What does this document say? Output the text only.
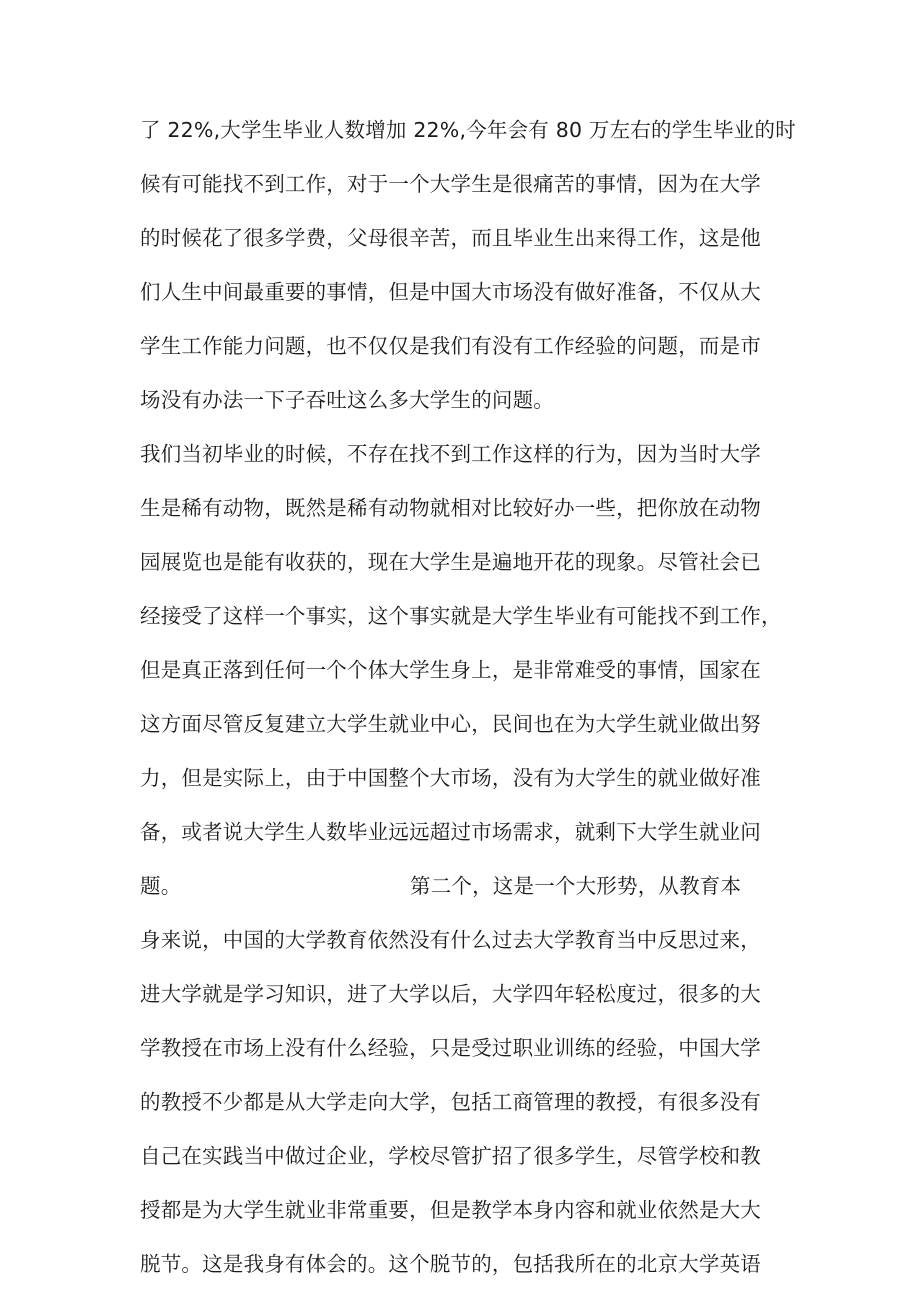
了 22%,大学生毕业人数增加 22%,今年会有 80 万左右的学生毕业的时
候有可能找不到工作，对于一个大学生是很痛苦的事情，因为在大学
的时候花了很多学费，父母很辛苦，而且毕业生出来得工作，这是他
们人生中间最重要的事情，但是中国大市场没有做好准备，不仅从大
学生工作能力问题，也不仅仅是我们有没有工作经验的问题，而是市
场没有办法一下子吞吐这么多大学生的问题。
我们当初毕业的时候，不存在找不到工作这样的行为，因为当时大学
生是稀有动物，既然是稀有动物就相对比较好办一些，把你放在动物
园展览也是能有收获的，现在大学生是遍地开花的现象。尽管社会已
经接受了这样一个事实，这个事实就是大学生毕业有可能找不到工作，
但是真正落到任何一个个体大学生身上，是非常难受的事情，国家在
这方面尽管反复建立大学生就业中心，民间也在为大学生就业做出努
力，但是实际上，由于中国整个大市场，没有为大学生的就业做好准
备，或者说大学生人数毕业远远超过市场需求，就剩下大学生就业问
题。	第二个，这是一个大形势，从教育本
身来说，中国的大学教育依然没有什么过去大学教育当中反思过来，
进大学就是学习知识，进了大学以后，大学四年轻松度过，很多的大
学教授在市场上没有什么经验，只是受过职业训练的经验，中国大学
的教授不少都是从大学走向大学，包括工商管理的教授，有很多没有
自己在实践当中做过企业，学校尽管扩招了很多学生，尽管学校和教
授都是为大学生就业非常重要，但是教学本身内容和就业依然是大大
脱节。这是我身有体会的。这个脱节的，包括我所在的北京大学英语
